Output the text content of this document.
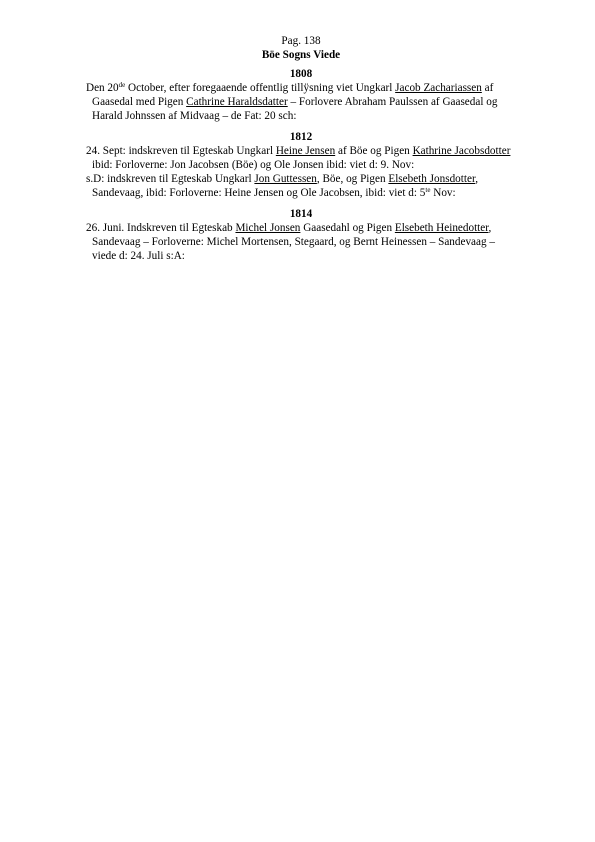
Pag. 138
Böe Sogns Viede
1808
Den 20de October, efter foregaaende offentlig tillÿsning viet Ungkarl Jacob Zachariassen af Gaasedal med Pigen Cathrine Haraldsdatter – Forlovere Abraham Paulssen af Gaasedal og Harald Johnssen af Midvaag – de Fat: 20 sch:
1812
24. Sept: indskreven til Egteskab Ungkarl Heine Jensen af Böe og Pigen Kathrine Jacobsdotter ibid: Forloverne: Jon Jacobsen (Böe) og Ole Jonsen ibid: viet d: 9. Nov:
s.D: indskreven til Egteskab Ungkarl Jon Guttessen, Böe, og Pigen Elsebeth Jonsdotter, Sandevaag, ibid: Forloverne: Heine Jensen og Ole Jacobsen, ibid: viet d: $5^{te}$ Nov:
1814
26. Juni. Indskreven til Egteskab Michel Jonsen Gaasedahl og Pigen Elsebeth Heinedotter, Sandevaag – Forloverne: Michel Mortensen, Stegaard, og Bernt Heinessen – Sandevaag – viede d: 24. Juli s:A:
